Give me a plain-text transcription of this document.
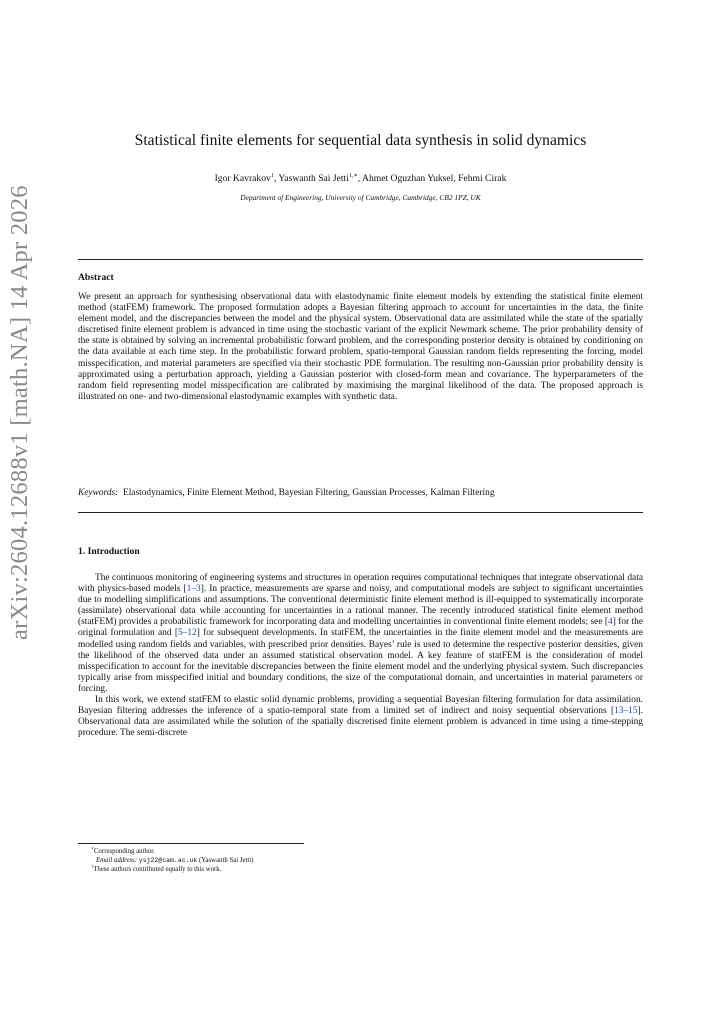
arXiv:2604.12688v1 [math.NA] 14 Apr 2026
Statistical finite elements for sequential data synthesis in solid dynamics
Igor Kavrakov$^1$, Yaswanth Sai Jetti$^{1,∗}$, Ahmet Oguzhan Yuksel, Fehmi Cirak
Department of Engineering, University of Cambridge, Cambridge, CB2 1PZ, UK
Abstract

We present an approach for synthesising observational data with elastodynamic finite element models by extending the statistical finite element method (statFEM) framework. The proposed formulation adopts a Bayesian filtering approach to account for uncertainties in the data, the finite element model, and the discrepancies between the model and the physical system. Observational data are assimilated while the state of the spatially discretised finite element problem is advanced in time using the stochastic variant of the explicit Newmark scheme. The prior probability density of the state is obtained by solving an incremental probabilistic forward problem, and the corresponding posterior density is obtained by conditioning on the data available at each time step. In the probabilistic forward problem, spatio-temporal Gaussian random fields representing the forcing, model misspecification, and material parameters are specified via their stochastic PDE formulation. The resulting non-Gaussian prior probability density is approximated using a perturbation approach, yielding a Gaussian posterior with closed-form mean and covariance. The hyperparameters of the random field representing model misspecification are calibrated by maximising the marginal likelihood of the data. The proposed approach is illustrated on one- and two-dimensional elastodynamic examples with synthetic data.

Keywords: Elastodynamics, Finite Element Method, Bayesian Filtering, Gaussian Processes, Kalman Filtering
1. Introduction

The continuous monitoring of engineering systems and structures in operation requires computational techniques that integrate observational data with physics-based models [1–3]. In practice, measurements are sparse and noisy, and computational models are subject to significant uncertainties due to modelling simplifications and assumptions. The conventional deterministic finite element method is ill-equipped to systematically incorporate (assimilate) observational data while accounting for uncertainties in a rational manner. The recently introduced statistical finite element method (statFEM) provides a probabilistic framework for incorporating data and modelling uncertainties in conventional finite element models; see [4] for the original formulation and [5–12] for subsequent developments. In statFEM, the uncertainties in the finite element model and the measurements are modelled using random fields and variables, with prescribed prior densities. Bayes’ rule is used to determine the respective posterior densities, given the likelihood of the observed data under an assumed statistical observation model. A key feature of statFEM is the consideration of model misspecification to account for the inevitable discrepancies between the finite element model and the underlying physical system. Such discrepancies typically arise from misspecified initial and boundary conditions, the size of the computational domain, and uncertainties in material parameters or forcing.

In this work, we extend statFEM to elastic solid dynamic problems, providing a sequential Bayesian filtering formulation for data assimilation. Bayesian filtering addresses the inference of a spatio-temporal state from a limited set of indirect and noisy sequential observations [13–15]. Observational data are assimilated while the solution of the spatially discretised finite element problem is advanced in time using a time-stepping procedure. The semi-discrete

∗Corresponding author.
Email address: ysj22@cam.ac.uk (Yaswanth Sai Jetti)
$^1$These authors contributed equally to this work.
